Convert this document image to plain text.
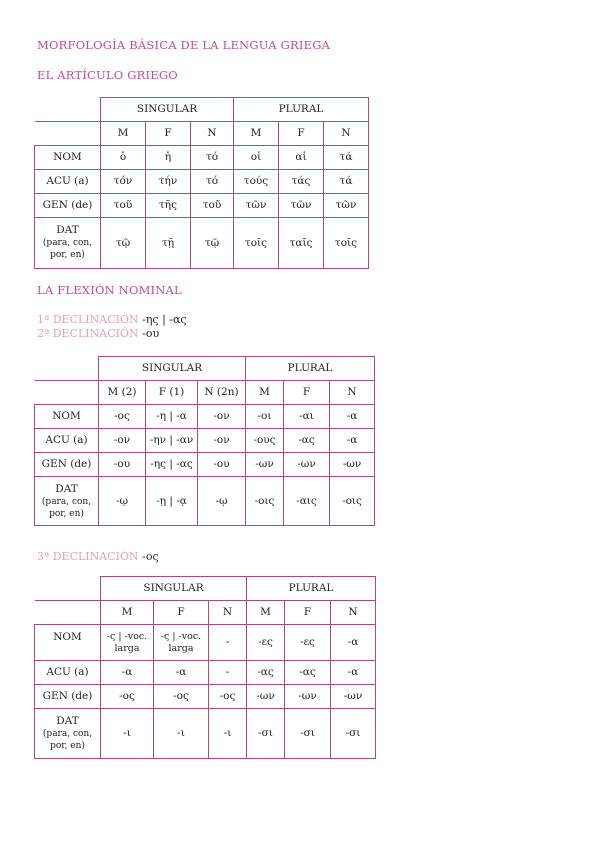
MORFOLOGÍA BÁSICA DE LA LENGUA GRIEGA
EL ARTÍCULO GRIEGO
	SINGULAR			PLURAL		
	M	F	N	M	F	N
NOM	ὁ	ἡ	τό	οἱ	αἱ	τά
ACU (a)	τόν	τήν	τό	τούς	τάς	τά
GEN (de)	τοῦ	τῆς	τοῦ	τῶν	τῶν	τῶν

DAT
(para, con, por, en)	τῷ	τῇ	τῷ	τοῖς	ταῖς	τοῖς
LA FLEXIÓN NOMINAL
1ª DECLINACIÓN -ης | -ας
2ª DECLINACIÓN -ου
	SINGULAR			PLURAL		
	M (2)	F (1)	N (2n)	M	F	N
NOM	-ος	-η | -α	-ον	-οι	-αι	-α
ACU (a)	-ον	-ην | -αν	-ον	-ους	-ας	-α
GEN (de)	-ου	-ης | -ας	-ου	-ων	-ων	-ων

DAT
(para, con, por, en)	-ῳ	-ῃ | -ᾳ	-ῳ	-οις	-αις	-οις
3ª DECLINACIÓN -ος
	SINGULAR			PLURAL		
	M	F	N	M	F	N
NOM	-ς | -voc. larga	-ς | -voc. larga	-	-ες	-ες	-α
ACU (a)	-α	-α	-	-ας	-ας	-α
GEN (de)	-ος	-ος	-ος	-ων	-ων	-ων

DAT
(para, con, por, en)	-ι	-ι	-ι	-σι	-σι	-σι
